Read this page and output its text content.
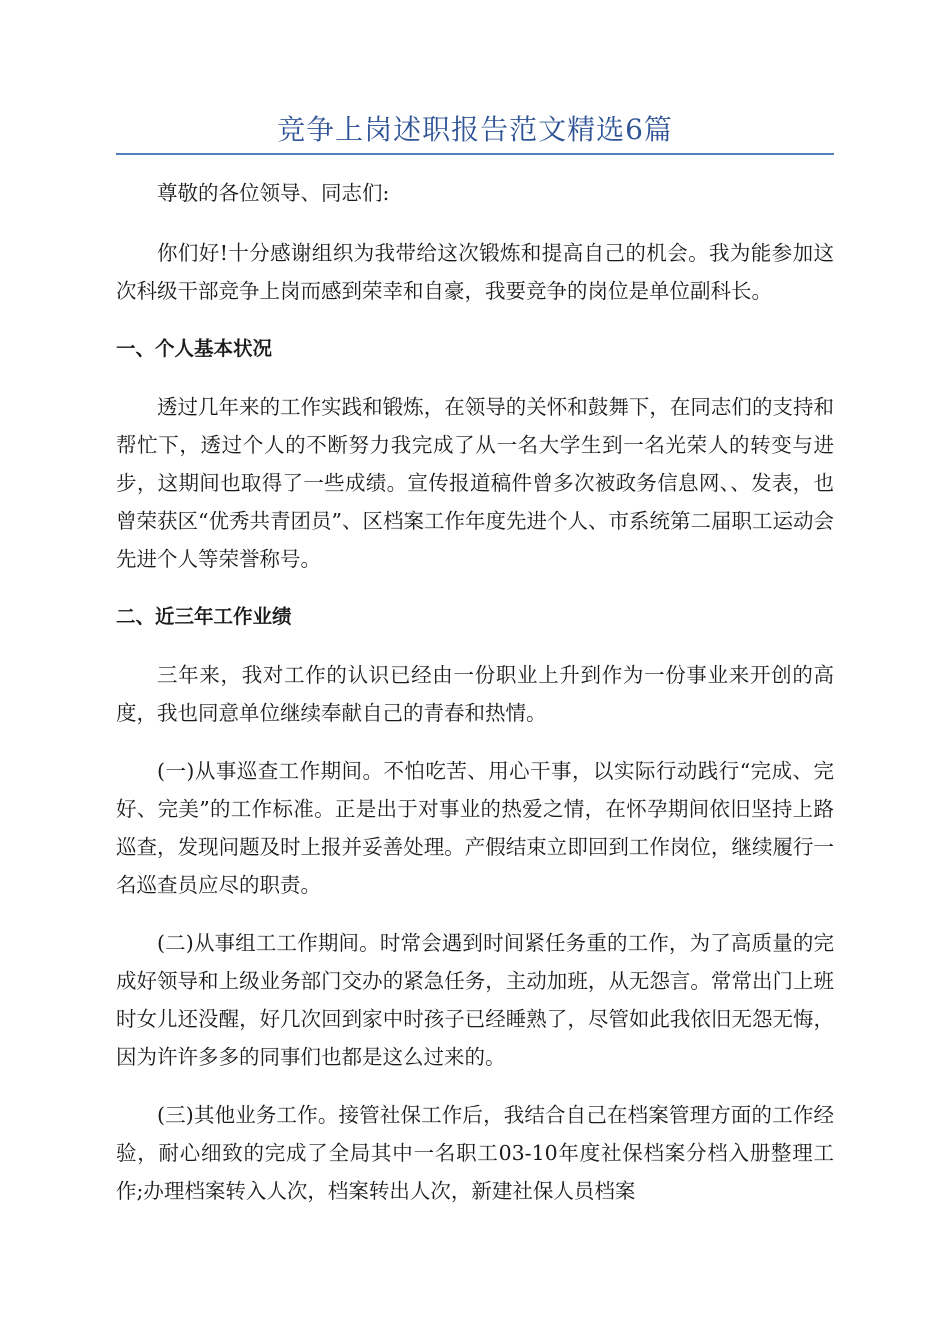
竞争上岗述职报告范文精选6篇

尊敬的各位领导、同志们:

你们好!十分感谢组织为我带给这次锻炼和提高自己的机会。我为能参加这次科级干部竞争上岗而感到荣幸和自豪，我要竞争的岗位是单位副科长。

一、个人基本状况

透过几年来的工作实践和锻炼，在领导的关怀和鼓舞下，在同志们的支持和帮忙下，透过个人的不断努力我完成了从一名大学生到一名光荣人的转变与进步，这期间也取得了一些成绩。宣传报道稿件曾多次被政务信息网、、发表，也曾荣获区“优秀共青团员”、区档案工作年度先进个人、市系统第二届职工运动会先进个人等荣誉称号。

二、近三年工作业绩

三年来，我对工作的认识已经由一份职业上升到作为一份事业来开创的高度，我也同意单位继续奉献自己的青春和热情。

(一)从事巡查工作期间。不怕吃苦、用心干事，以实际行动践行“完成、完好、完美”的工作标准。正是出于对事业的热爱之情，在怀孕期间依旧坚持上路巡查，发现问题及时上报并妥善处理。产假结束立即回到工作岗位，继续履行一名巡查员应尽的职责。

(二)从事组工工作期间。时常会遇到时间紧任务重的工作，为了高质量的完成好领导和上级业务部门交办的紧急任务，主动加班，从无怨言。常常出门上班时女儿还没醒，好几次回到家中时孩子已经睡熟了，尽管如此我依旧无怨无悔，因为许许多多的同事们也都是这么过来的。

(三)其他业务工作。接管社保工作后，我结合自己在档案管理方面的工作经验，耐心细致的完成了全局其中一名职工03-10年度社保档案分档入册整理工作;办理档案转入人次，档案转出人次，新建社保人员档案
